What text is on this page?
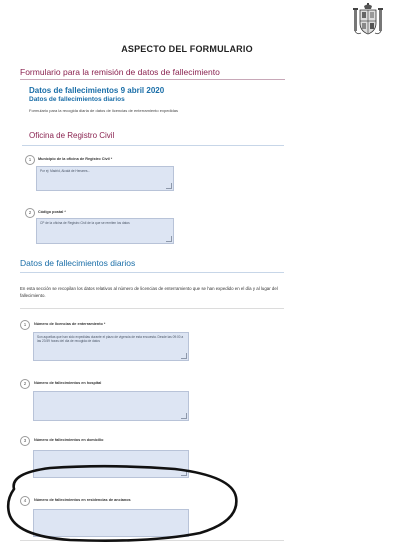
ASPECTO DEL FORMULARIO
Formulario para la remisión de datos de fallecimiento
Datos de fallecimientos 9 abril 2020
Datos de fallecimientos diarios
Formulario para la recogida diaria de datos de licencias de enterramiento expedidas
Oficina de Registro Civil
1	Municipio de la oficina de Registro Civil *
Por ej: Madrid, Alcalá de Henares...
2	Código postal *
CP de la oficina de Registro Civil de la que se remiten los datos
Datos de fallecimientos diarios
En esta sección se recopilan los datos relativos al número de licencias de enterramiento que se han expedido en el día y al lugar del fallecimiento.
1	Número de licencias de enterramiento *
Son aquellas que han sido expedidas durante el plazo de vigencia de esta encuesta. Desde las 09:00 a las 23:59 horas del día de recogida de datos
2	Número de fallecimientos en hospital
3	Número de fallecimientos en domicilio
4	Número de fallecimientos en residencias de ancianos
